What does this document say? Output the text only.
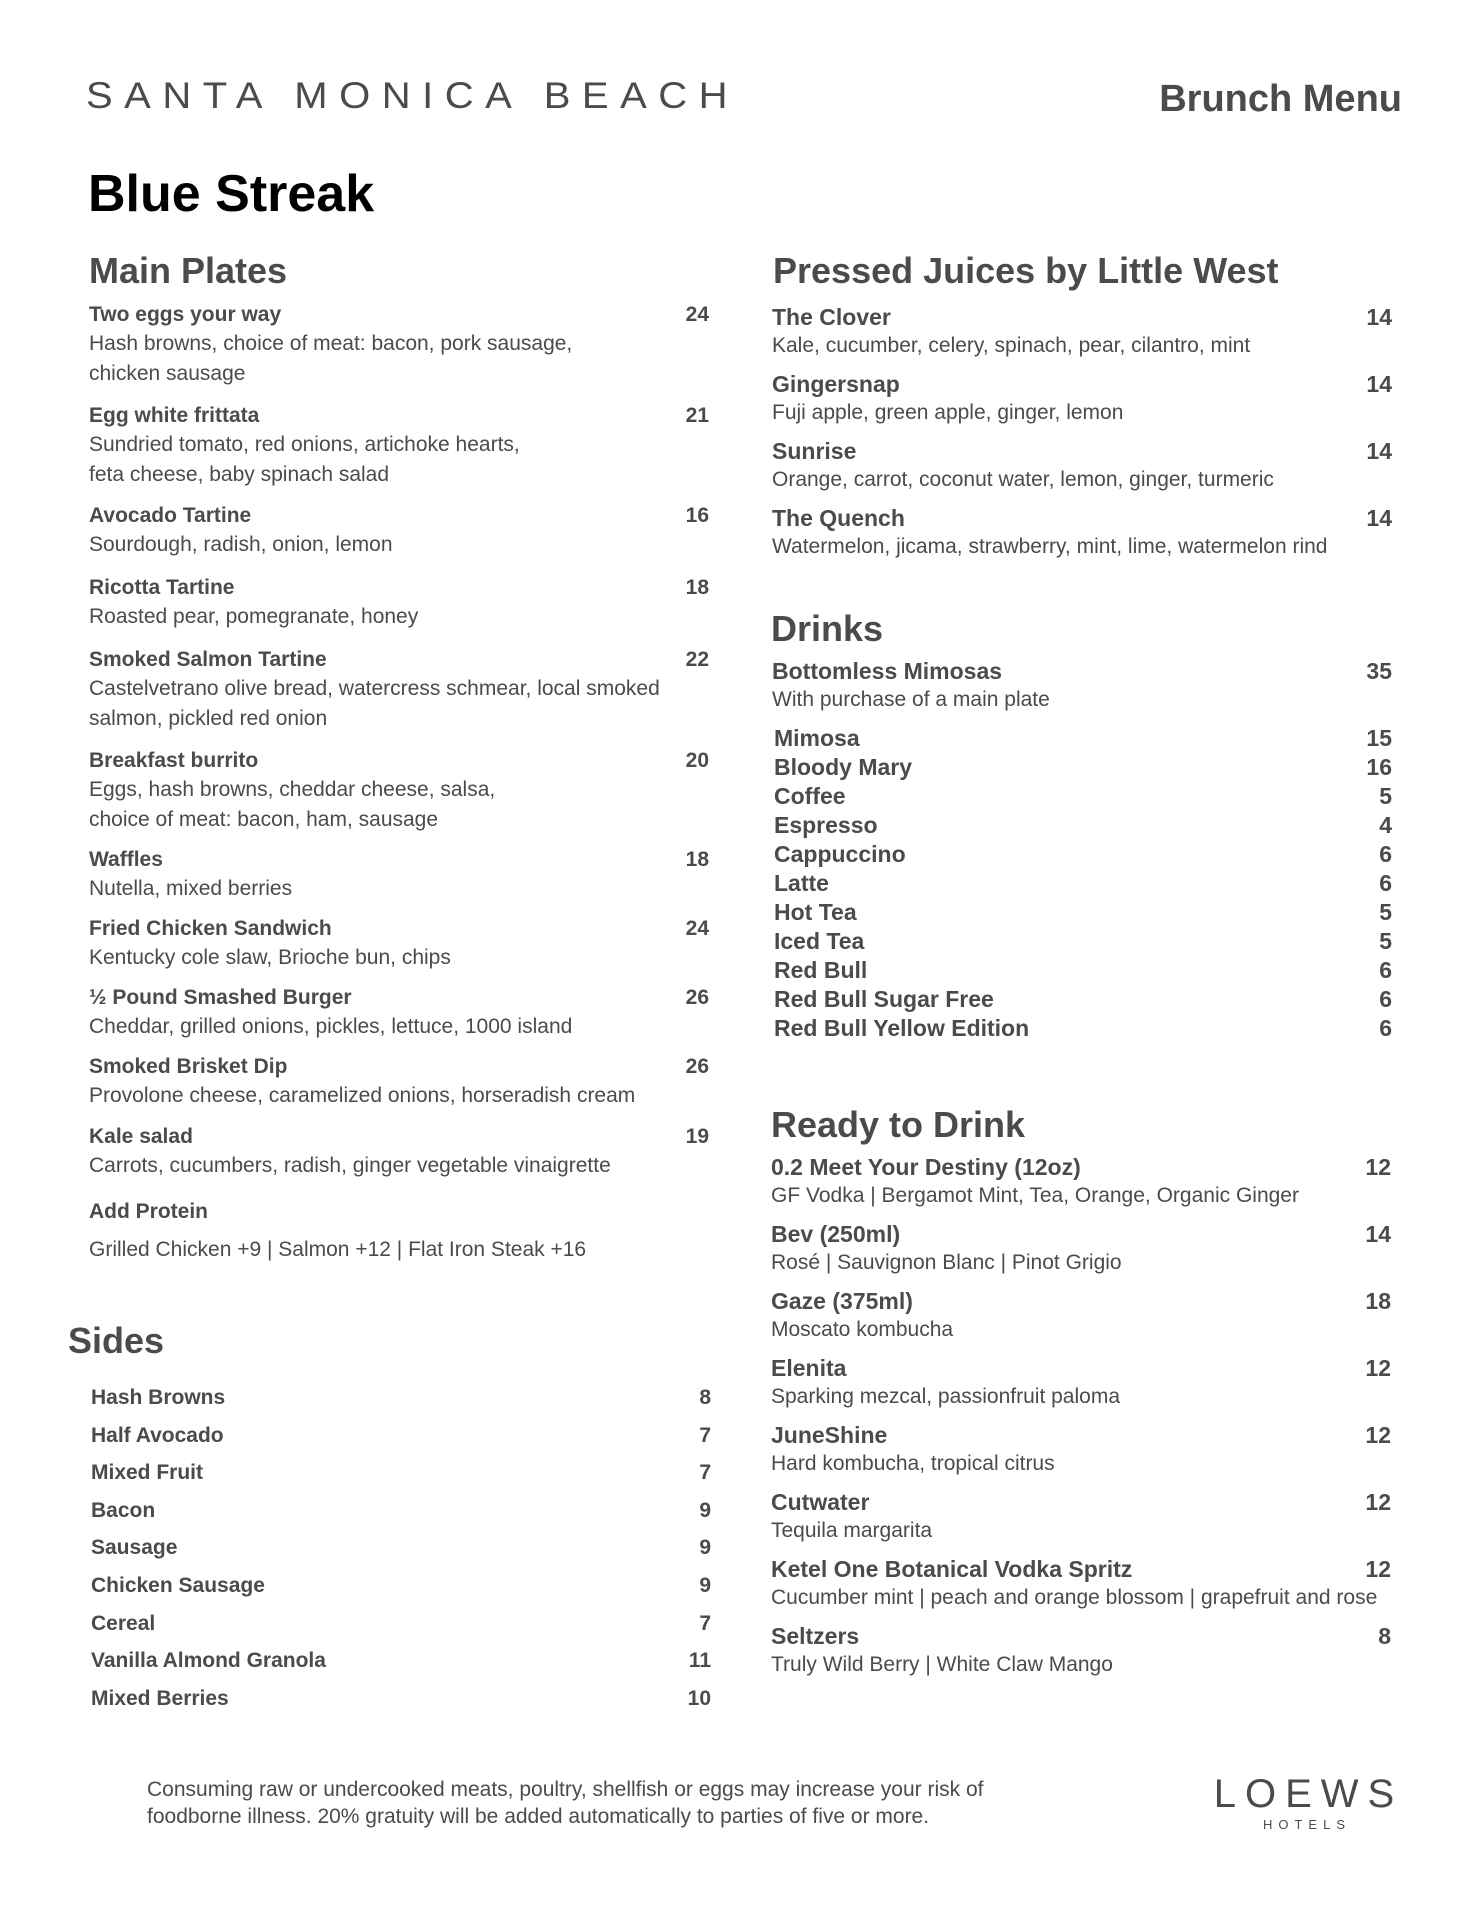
SANTA MONICA BEACH	Brunch Menu
Blue Streak
Main Plates
Two eggs your way	24
Hash browns, choice of meat: bacon, pork sausage,
chicken sausage
Egg white frittata	21
Sundried tomato, red onions, artichoke hearts,
feta cheese, baby spinach salad
Avocado Tartine	16
Sourdough, radish, onion, lemon
Ricotta Tartine	18
Roasted pear, pomegranate, honey
Smoked Salmon Tartine	22
Castelvetrano olive bread, watercress schmear, local smoked
salmon, pickled red onion
Breakfast burrito	20
Eggs, hash browns, cheddar cheese, salsa,
choice of meat: bacon, ham, sausage
Waffles	18
Nutella, mixed berries
Fried Chicken Sandwich	24
Kentucky cole slaw, Brioche bun, chips
½ Pound Smashed Burger	26
Cheddar, grilled onions, pickles, lettuce, 1000 island
Smoked Brisket Dip	26
Provolone cheese, caramelized onions, horseradish cream
Kale salad	19
Carrots, cucumbers, radish, ginger vegetable vinaigrette
Add Protein
Grilled Chicken +9 | Salmon +12 | Flat Iron Steak +16
Sides
Hash Browns	8
Half Avocado	7
Mixed Fruit	7
Bacon	9
Sausage	9
Chicken Sausage	9
Cereal	7
Vanilla Almond Granola	11
Mixed Berries	10
Pressed Juices by Little West
The Clover	14
Kale, cucumber, celery, spinach, pear, cilantro, mint
Gingersnap	14
Fuji apple, green apple, ginger, lemon
Sunrise	14
Orange, carrot, coconut water, lemon, ginger, turmeric
The Quench	14
Watermelon, jicama, strawberry, mint, lime, watermelon rind
Drinks
Bottomless Mimosas	35
With purchase of a main plate
Mimosa	15
Bloody Mary	16
Coffee	5
Espresso	4
Cappuccino	6
Latte	6
Hot Tea	5
Iced Tea	5
Red Bull	6
Red Bull Sugar Free	6
Red Bull Yellow Edition	6
Ready to Drink
0.2 Meet Your Destiny (12oz)	12
GF Vodka | Bergamot Mint, Tea, Orange, Organic Ginger
Bev (250ml)	14
Rosé | Sauvignon Blanc | Pinot Grigio
Gaze (375ml)	18
Moscato kombucha
Elenita	12
Sparking mezcal, passionfruit paloma
JuneShine	12
Hard kombucha, tropical citrus
Cutwater	12
Tequila margarita
Ketel One Botanical Vodka Spritz	12
Cucumber mint | peach and orange blossom | grapefruit and rose
Seltzers	8
Truly Wild Berry | White Claw Mango
Consuming raw or undercooked meats, poultry, shellfish or eggs may increase your risk of
foodborne illness. 20% gratuity will be added automatically to parties of five or more.
LOEWS
HOTELS
